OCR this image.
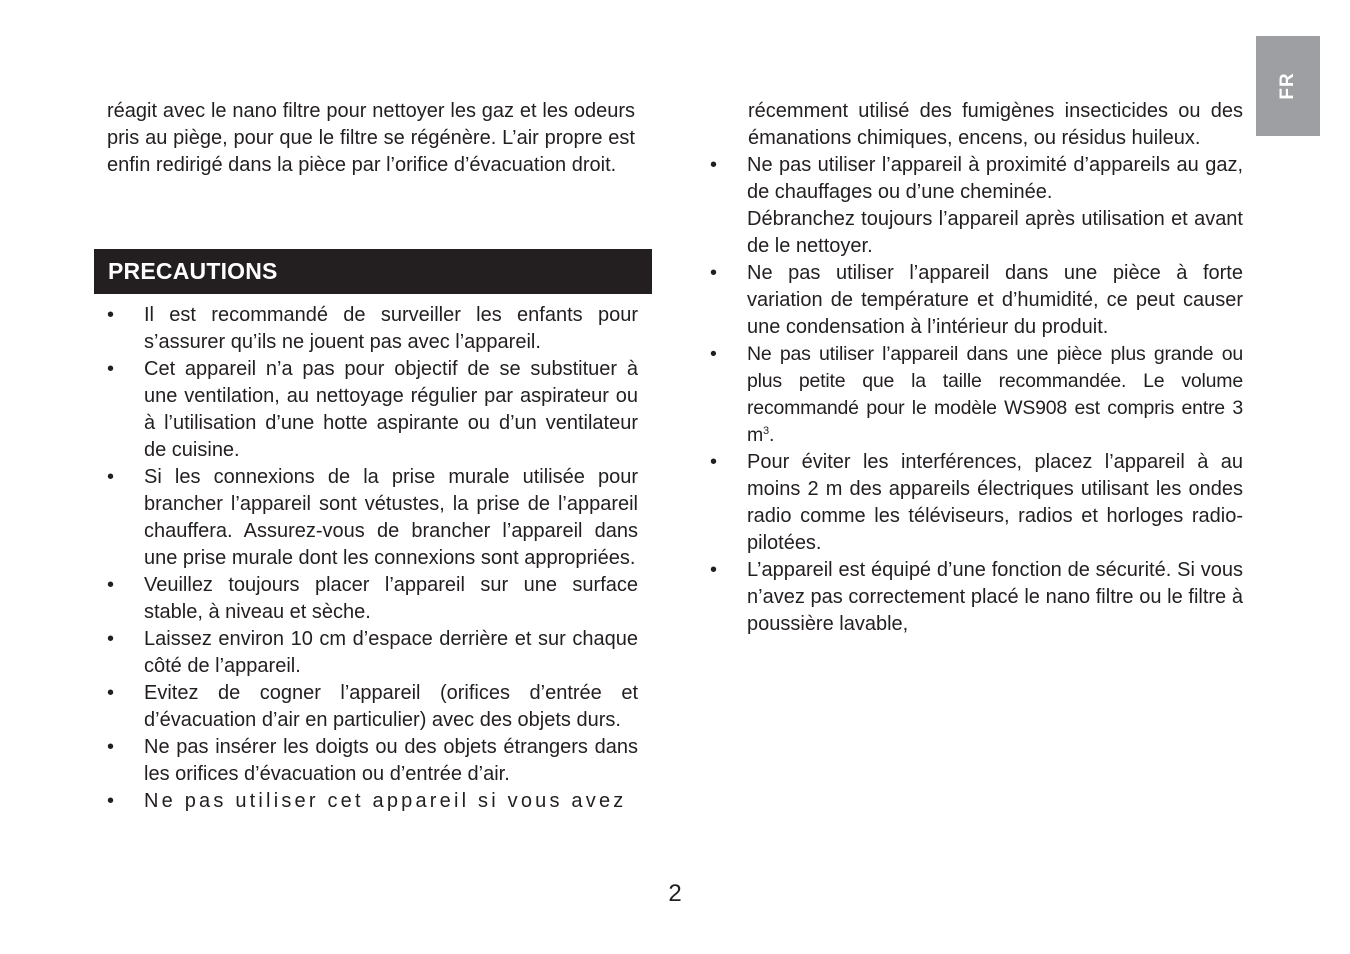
FR

réagit avec le nano filtre pour nettoyer les gaz et les odeurs pris au piège, pour que le filtre se régénère. L’air propre est enfin redirigé dans la pièce par l’orifice d’évacuation droit.

PRECAUTIONS
•	Il est recommandé de surveiller les enfants pour s’assurer qu’ils ne jouent pas avec l’appareil.
•	Cet appareil n’a pas pour objectif de se substituer à une ventilation, au nettoyage régulier par aspirateur ou à l’utilisation d’une hotte aspirante ou d’un ventilateur de cuisine.
•	Si les connexions de la prise murale utilisée pour brancher l’appareil sont vétustes, la prise de l’appareil chauffera. Assurez-vous de brancher l’appareil dans une prise murale dont les connexions sont appropriées.
•	Veuillez toujours placer l’appareil sur une surface stable, à niveau et sèche.
•	Laissez environ 10 cm d’espace derrière et sur chaque côté de l’appareil.
•	Evitez de cogner l’appareil (orifices d’entrée et d’évacuation d’air en particulier) avec des objets durs.
•	Ne pas insérer les doigts ou des objets étrangers dans les orifices d’évacuation ou d’entrée d’air.
•	Ne pas utiliser cet appareil si vous avez

récemment utilisé des fumigènes insecticides ou des émanations chimiques, encens, ou résidus huileux.

•	Ne pas utiliser l’appareil à proximité d’appareils au gaz, de chauffages ou d’une cheminée.
Débranchez toujours l’appareil après utilisation et avant de le nettoyer.
•	Ne pas utiliser l’appareil dans une pièce à forte variation de température et d’humidité, ce peut causer une condensation à l’intérieur du produit.
•	Ne pas utiliser l’appareil dans une pièce plus grande ou plus petite que la taille recommandée. Le volume recommandé pour le modèle WS908 est compris entre 3 $m^3$.
•	Pour éviter les interférences, placez l’appareil à au moins 2 m des appareils électriques utilisant les ondes radio comme les téléviseurs, radios et horloges radio-pilotées.
•	L’appareil est équipé d’une fonction de sécurité. Si vous n’avez pas correctement placé le nano filtre ou le filtre à poussière lavable,
2
